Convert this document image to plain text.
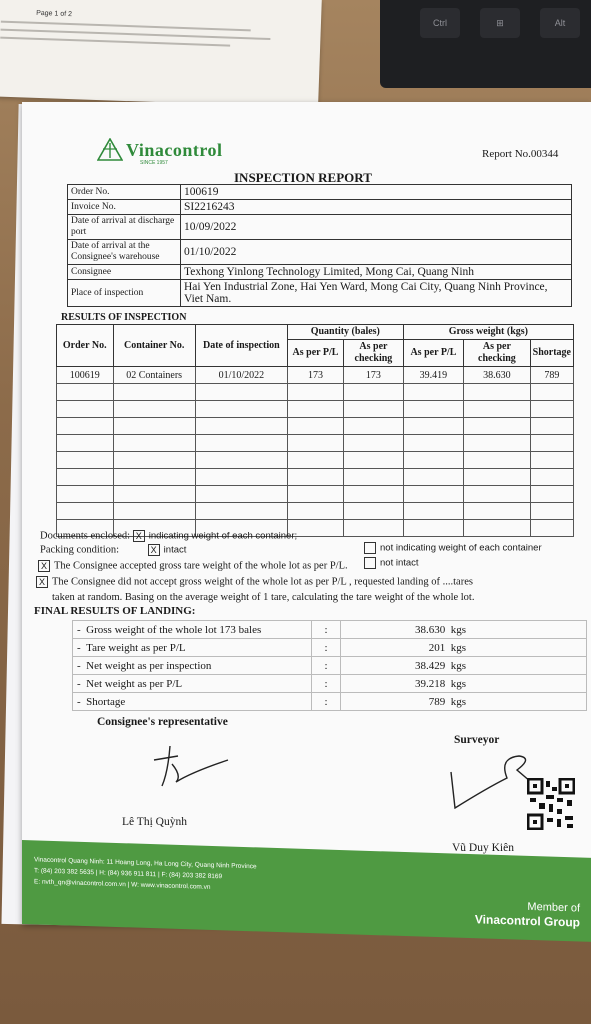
Ctrl	⊞	Alt
Page 1 of 2
Vinacontrol
SINCE 1957
Report No.00344
INSPECTION REPORT
Order No.	100619
Invoice No.	SI2216243
Date of arrival at discharge port	10/09/2022
Date of arrival at the Consignee's warehouse	01/10/2022
Consignee	Texhong Yinlong Technology Limited, Mong Cai, Quang Ninh
Place of inspection	Hai Yen Industrial Zone, Hai Yen Ward, Mong Cai City, Quang Ninh Province, Viet Nam.
RESULTS OF INSPECTION
Order No.	Container No.	Date of inspection	Quantity (bales)		Gross weight (kgs)		
			As per P/L	As per checking	As per P/L	As per checking	Shortage
100619	02 Containers	01/10/2022	173	173	39.419	38.630	789

Documents enclosed: X indicating weight of each container;
not indicating weight of each container
Packing condition:	X intact
not intact
X The Consignee accepted gross tare weight of the whole lot as per P/L.
X The Consignee did not accept gross weight of the whole lot as per P/L , requested landing of ....tares
taken at random. Basing on the average weight of 1 tare, calculating the tare weight of the whole lot.
FINAL RESULTS OF LANDING:
-  Gross weight of the whole lot 173 bales	:	38.630 kgs
-  Tare weight as per P/L	:	201 kgs
-  Net weight as per inspection	:	38.429 kgs
-  Net weight as per P/L	:	39.218 kgs
-  Shortage	:	789 kgs
Consignee's representative
Surveyor
Lê Thị Quỳnh
Vũ Duy Kiên
Vinacontrol Quang Ninh: 11 Hoang Long, Ha Long City, Quang Ninh Province
T: (84) 203 382 5635 | H: (84) 936 911 811 | F: (84) 203 382 8169
E: nvth_qn@vinacontrol.com.vn | W: www.vinacontrol.com.vn
Member of
Vinacontrol Group
